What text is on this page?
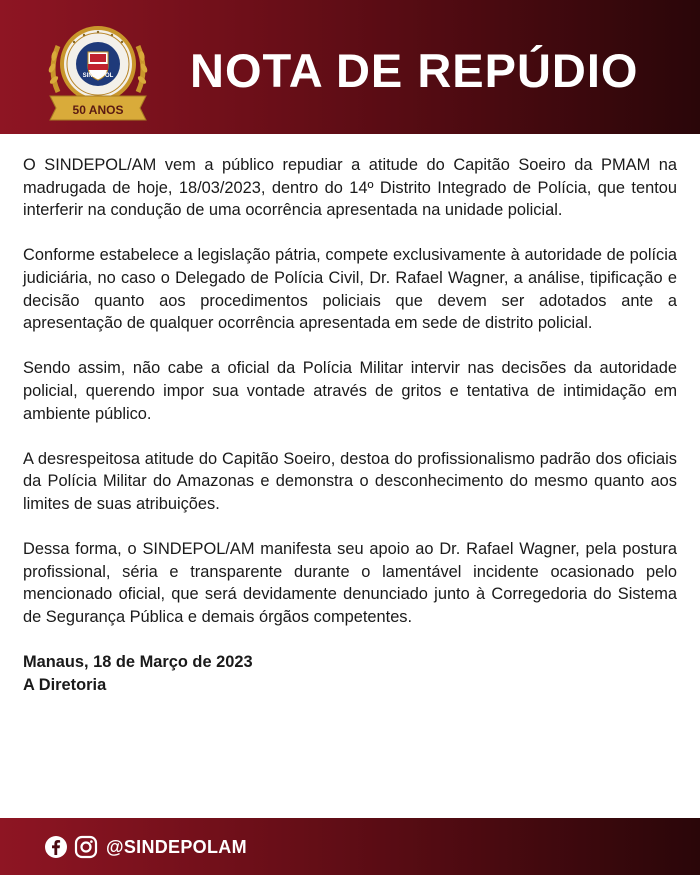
50 ANOS
SINDEPOL NOTA DE REPÚDIO

O SINDEPOL/AM vem a público repudiar a atitude do Capitão Soeiro da PMAM na madrugada de hoje, 18/03/2023, dentro do 14º Distrito Integrado de Polícia, que tentou interferir na condução de uma ocorrência apresentada na unidade policial.

Conforme estabelece a legislação pátria, compete exclusivamente à autoridade de polícia judiciária, no caso o Delegado de Polícia Civil, Dr. Rafael Wagner, a análise, tipificação e decisão quanto aos procedimentos policiais que devem ser adotados ante a apresentação de qualquer ocorrência apresentada em sede de distrito policial.

Sendo assim, não cabe a oficial da Polícia Militar intervir nas decisões da autoridade policial, querendo impor sua vontade através de gritos e tentativa de intimidação em ambiente público.

A desrespeitosa atitude do Capitão Soeiro, destoa do profissionalismo padrão dos oficiais da Polícia Militar do Amazonas e demonstra o desconhecimento do mesmo quanto aos limites de suas atribuições.

Dessa forma, o SINDEPOL/AM manifesta seu apoio ao Dr. Rafael Wagner, pela postura profissional, séria e transparente durante o lamentável incidente ocasionado pelo mencionado oficial, que será devidamente denunciado junto à Corregedoria do Sistema de Segurança Pública e demais órgãos competentes.

Manaus, 18 de Março de 2023
A Diretoria
@SINDEPOLAM
